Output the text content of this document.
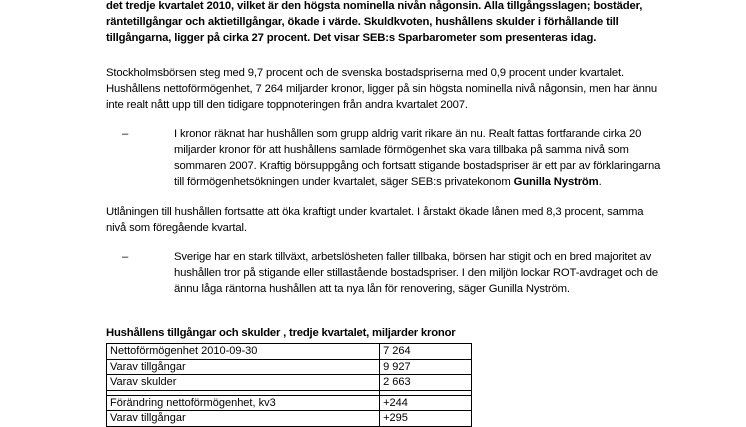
det tredje kvartalet 2010, vilket är den högsta nominella nivån någonsin. Alla tillgångsslagen; bostäder,
räntetillgångar och aktietillgångar, ökade i värde. Skuldkvoten, hushållens skulder i förhållande till
tillgångarna, ligger på cirka 27 procent. Det visar SEB:s Sparbarometer som presenteras idag.
Stockholmsbörsen steg med 9,7 procent och de svenska bostadspriserna med 0,9 procent under kvartalet.
Hushållens nettoförmögenhet, 7 264 miljarder kronor, ligger på sin högsta nominella nivå någonsin, men har ännu
inte realt nått upp till den tidigare toppnoteringen från andra kvartalet 2007.
–	I kronor räknat har hushållen som grupp aldrig varit rikare än nu. Realt fattas fortfarande cirka 20
miljarder kronor för att hushållens samlade förmögenhet ska vara tillbaka på samma nivå som
sommaren 2007. Kraftig börsuppgång och fortsatt stigande bostadspriser är ett par av förklaringarna
till förmögenhetsökningen under kvartalet, säger SEB:s privatekonom Gunilla Nyström.
Utlåningen till hushållen fortsatte att öka kraftigt under kvartalet. I årstakt ökade lånen med 8,3 procent, samma
nivå som föregående kvartal.
–	Sverige har en stark tillväxt, arbetslösheten faller tillbaka, börsen har stigit och en bred majoritet av
hushållen tror på stigande eller stillastående bostadspriser. I den miljön lockar ROT-avdraget och de
ännu låga räntorna hushållen att ta nya lån för renovering, säger Gunilla Nyström.
Hushållens tillgångar och skulder , tredje kvartalet, miljarder kronor
Nettoförmögenhet 2010-09-30	7 264
Varav tillgångar	9 927
Varav skulder	2 663

Förändring nettoförmögenhet, kv3	+244
Varav tillgångar	+295
